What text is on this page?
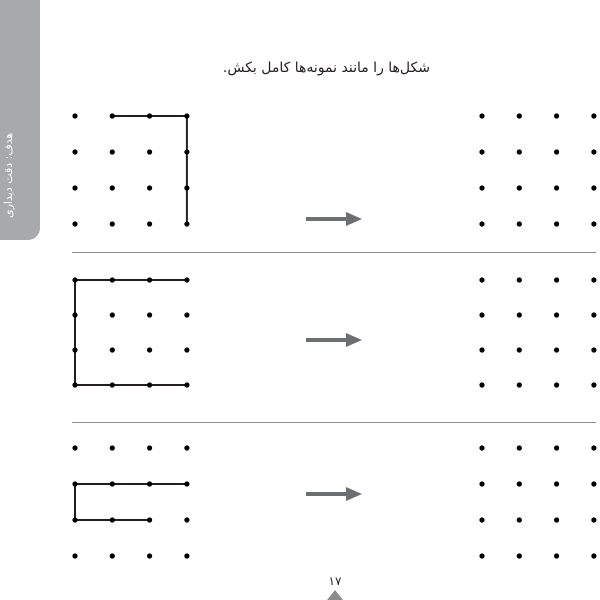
هدف: دقت دیداری
شکل‌ها را مانند نمونه‌ها کامل بکش.
۱۷
